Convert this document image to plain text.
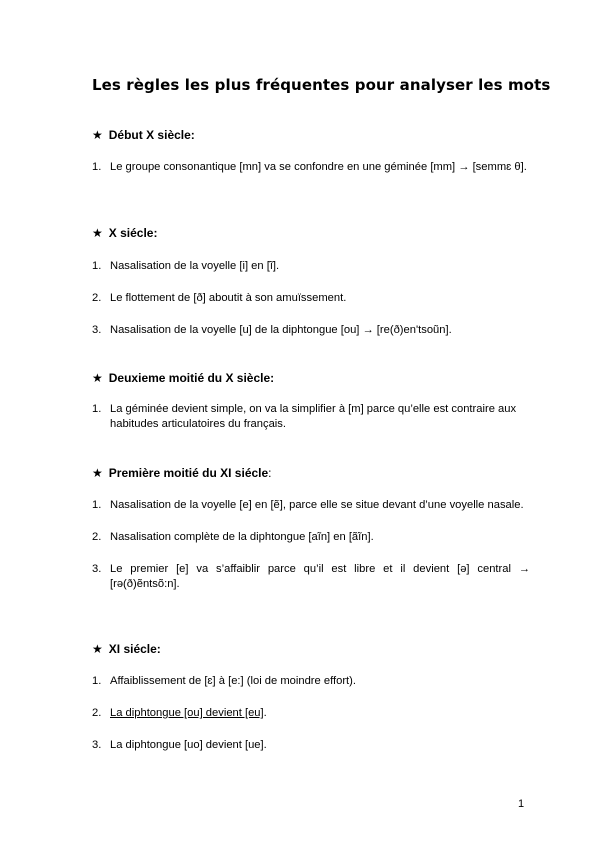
Les règles les plus fréquentes pour analyser les mots

★ Début X siècle:

1. Le groupe consonantique [mn] va se confondre en une géminée [mm] → [semmɛ θ].

★ X siécle:

1. Nasalisation de la voyelle [i] en [ĩ].
2. Le flottement de [ð] aboutit à son amuïssement.
3. Nasalisation de la voyelle [u] de la diphtongue [ou] → [re(ð)en'tsoũn].

★ Deuxieme moitié du X siècle:

1. La géminée devient simple, on va la simplifier à [m] parce qu’elle est contraire aux habitudes articulatoires du français.

★ Première moitié du XI siécle:

1. Nasalisation de la voyelle [e] en [ẽ], parce elle se situe devant d’une voyelle nasale.
2. Nasalisation complète de la diphtongue [aĩn] en [ãĩn].
3. Le premier [e] va s’affaiblir parce qu’il est libre et il devient [ə] central → [rə(ð)ẽntsõ:n].

★ XI siécle:

1. Affaiblissement de [ɛ] à [e:] (loi de moindre effort).
2. La diphtongue [ou] devient [eu].
3. La diphtongue [uo] devient [ue].
1
